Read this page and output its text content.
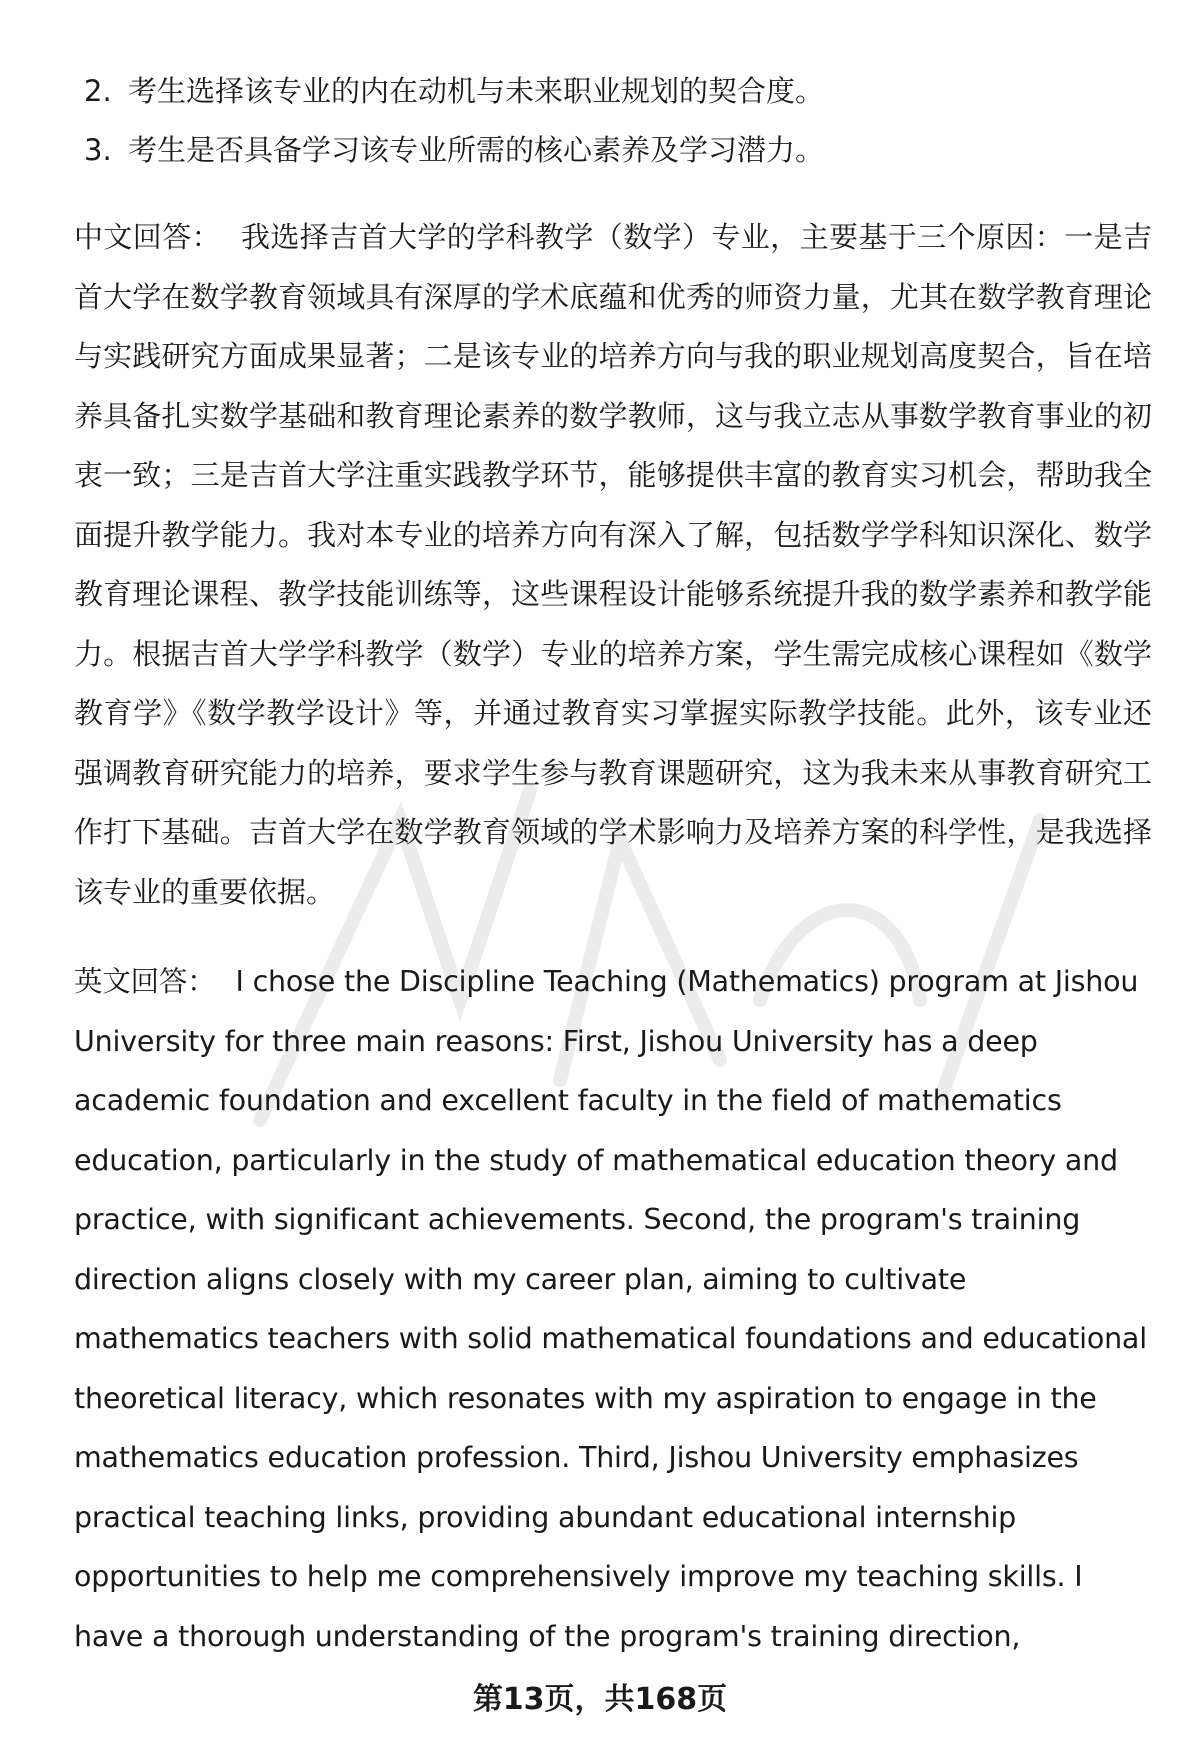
2. 考生选择该专业的内在动机与未来职业规划的契合度。
3. 考生是否具备学习该专业所需的核心素养及学习潜力。

中文回答： 我选择吉首大学的学科教学（数学）专业，主要基于三个原因：一是吉首大学在数学教育领域具有深厚的学术底蕴和优秀的师资力量，尤其在数学教育理论与实践研究方面成果显著；二是该专业的培养方向与我的职业规划高度契合，旨在培养具备扎实数学基础和教育理论素养的数学教师，这与我立志从事数学教育事业的初衷一致；三是吉首大学注重实践教学环节，能够提供丰富的教育实习机会，帮助我全面提升教学能力。我对本专业的培养方向有深入了解，包括数学学科知识深化、数学教育理论课程、教学技能训练等，这些课程设计能够系统提升我的数学素养和教学能力。根据吉首大学学科教学（数学）专业的培养方案，学生需完成核心课程如《数学教育学》《数学教学设计》等，并通过教育实习掌握实际教学技能。此外，该专业还强调教育研究能力的培养，要求学生参与教育课题研究，这为我未来从事教育研究工作打下基础。吉首大学在数学教育领域的学术影响力及培养方案的科学性，是我选择该专业的重要依据。

英文回答： I chose the Discipline Teaching (Mathematics) program at Jishou University for three main reasons: First, Jishou University has a deep academic foundation and excellent faculty in the field of mathematics education, particularly in the study of mathematical education theory and practice, with significant achievements. Second, the program's training direction aligns closely with my career plan, aiming to cultivate mathematics teachers with solid mathematical foundations and educational theoretical literacy, which resonates with my aspiration to engage in the mathematics education profession. Third, Jishou University emphasizes practical teaching links, providing abundant educational internship opportunities to help me comprehensively improve my teaching skills. I have a thorough understanding of the program's training direction,

第13页，共168页
